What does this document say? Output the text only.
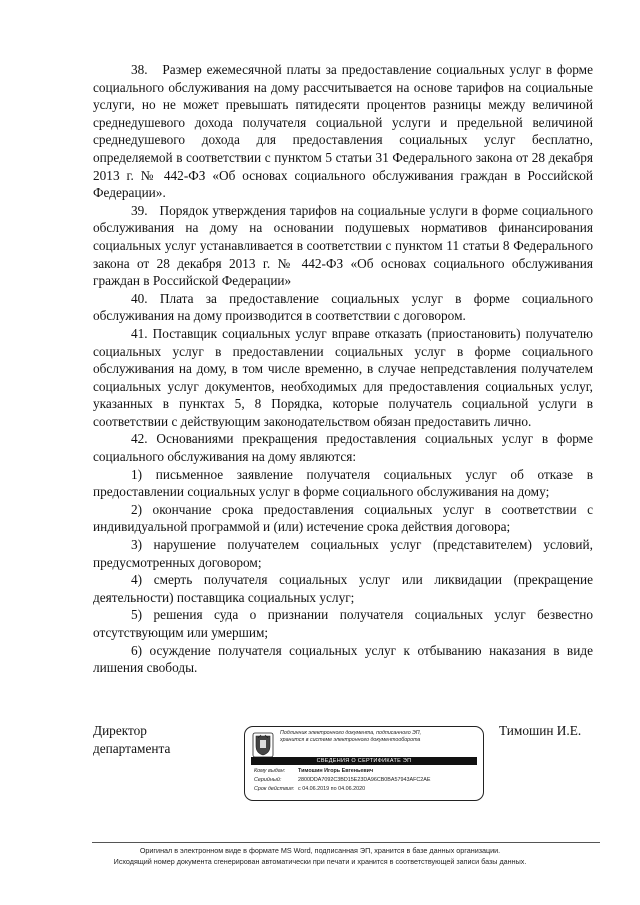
38.   Размер ежемесячной платы за предоставление социальных услуг в форме социального обслуживания на дому рассчитывается на основе тарифов на социальные услуги, но не может превышать пятидесяти процентов разницы между величиной среднедушевого дохода получателя социальной услуги и предельной величиной среднедушевого дохода для предоставления социальных услуг бесплатно, определяемой в соответствии с пунктом 5 статьи 31 Федерального закона от 28 декабря 2013 г. № 442-ФЗ «Об основах социального обслуживания граждан в Российской Федерации».

39.   Порядок утверждения тарифов на социальные услуги в форме социального обслуживания на дому на основании подушевых нормативов финансирования социальных услуг устанавливается в соответствии с пунктом 11 статьи 8 Федерального закона от 28 декабря 2013 г. № 442-ФЗ «Об основах социального обслуживания граждан в Российской Федерации»

40. Плата за предоставление социальных услуг в форме социального обслуживания на дому производится в соответствии с договором.

41. Поставщик социальных услуг вправе отказать (приостановить) получателю социальных услуг в предоставлении социальных услуг в форме социального обслуживания на дому, в том числе временно, в случае непредставления получателем социальных услуг документов, необходимых для предоставления социальных услуг, указанных в пунктах 5, 8 Порядка, которые получатель социальной услуги в соответствии с действующим законодательством обязан предоставить лично.

42. Основаниями прекращения предоставления социальных услуг в форме социального обслуживания на дому являются:

1) письменное заявление получателя социальных услуг об отказе в предоставлении социальных услуг в форме социального обслуживания на дому;

2) окончание срока предоставления социальных услуг в соответствии с индивидуальной программой и (или) истечение срока действия договора;

3) нарушение получателем социальных услуг (представителем) условий, предусмотренных договором;

4) смерть получателя социальных услуг или ликвидации (прекращение деятельности) поставщика социальных услуг;

5) решения суда о признании получателя социальных услуг безвестно отсутствующим или умершим;

6) осуждение получателя социальных услуг к отбыванию наказания в виде лишения свободы.

Директор
департамента
Подлинник электронного документа, подписанного ЭП,
хранится в системе электронного документооборота
СВЕДЕНИЯ О СЕРТИФИКАТЕ ЭП
Кому выдан: Тимошин Игорь Евгеньевич
Серийный:	2800DDA7092C3BD15E23DA96CB0BA57943AFC2AE
Срок действия: с 04.06.2019 по 04.06.2020
Тимошин И.Е.
Оригинал в электронном виде в формате MS Word, подписанная ЭП, хранится в базе данных организации.
Исходящий номер документа сгенерирован автоматически при печати и хранится в соответствующей записи базы данных.
